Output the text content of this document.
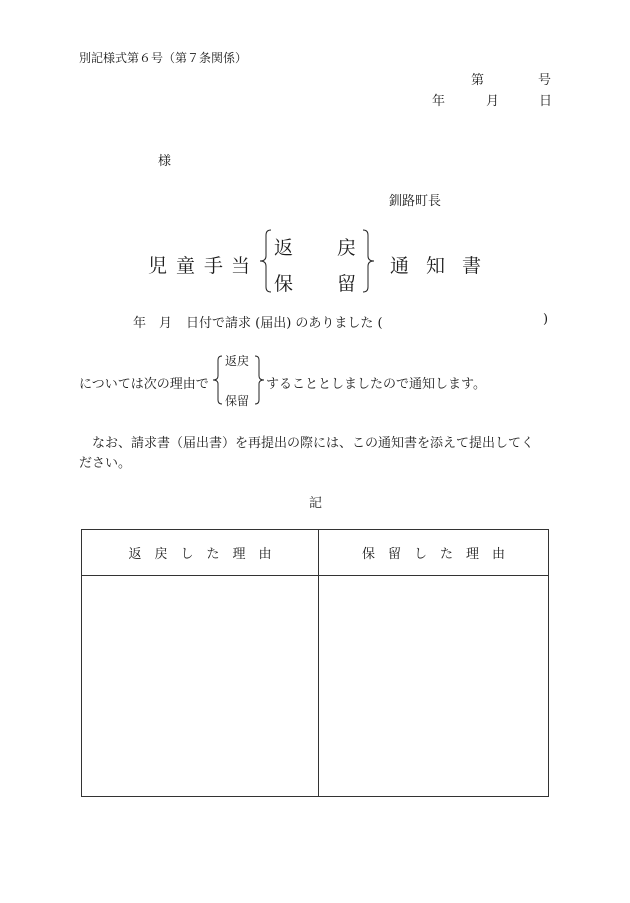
別記様式第６号（第７条関係）
第	号
年	月	日
様
釧路町長
児 童 手 当
返 戻
保 留
通 知 書
年 月 日付で請求 (届出) のありました (	)
については次の理由で
返戻
保留
することとしましたので通知します。
なお、請求書（届出書）を再提出の際には、この通知書を添えて提出してく
ださい。
記
返　戻　し　た　理　由	保　留　し　た　理　由
